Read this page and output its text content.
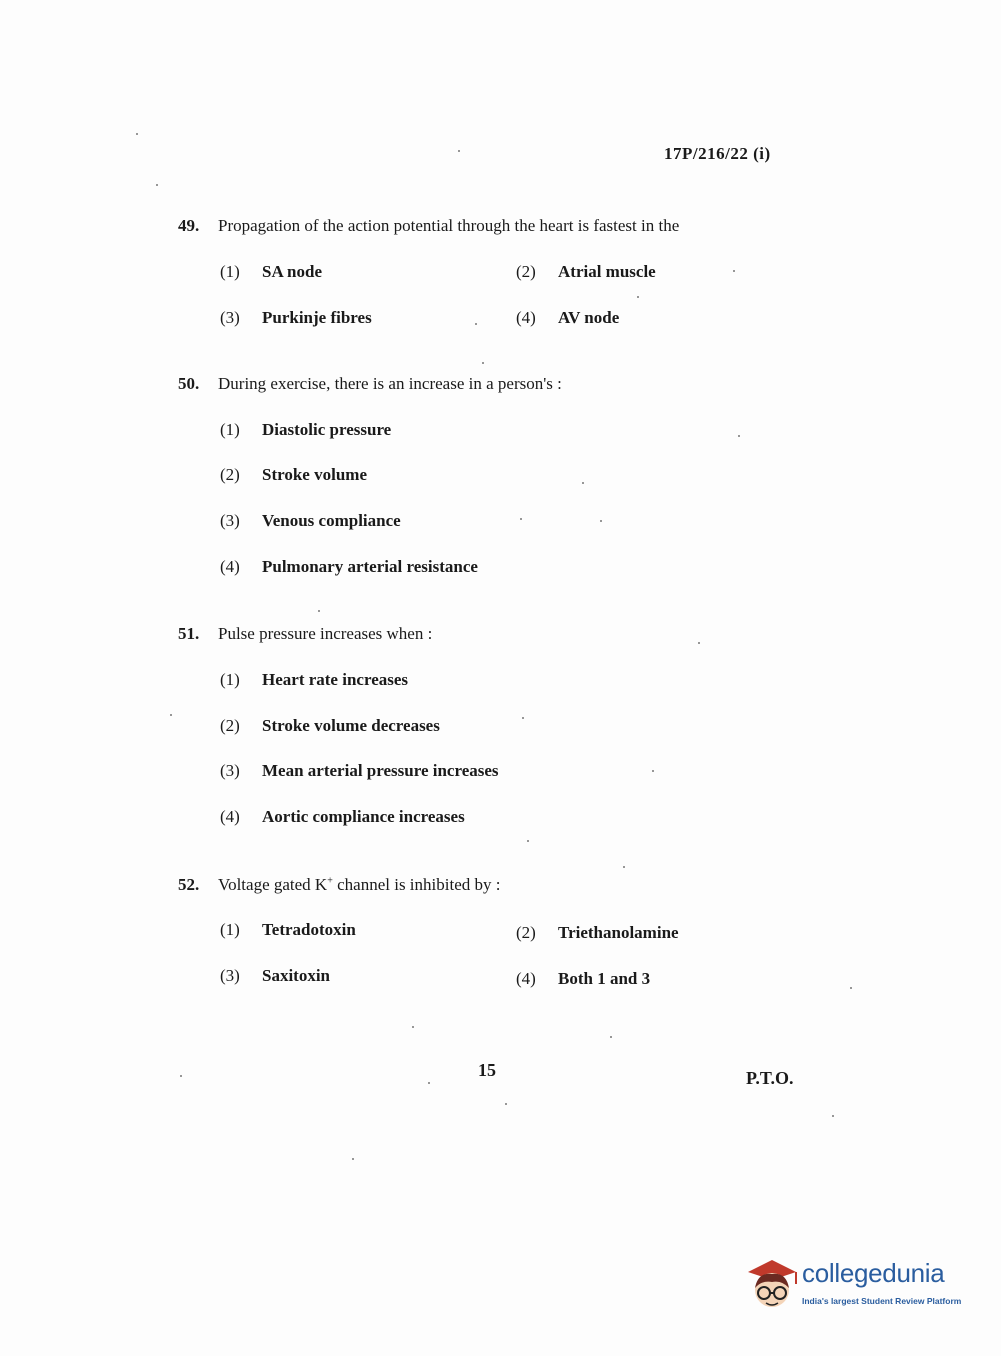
17P/216/22 (i)
49. Propagation of the action potential through the heart is fastest in the
(1) SA node	(2) Atrial muscle
(3) Purkinje fibres	(4) AV node
50. During exercise, there is an increase in a person's :
(1) Diastolic pressure
(2) Stroke volume
(3) Venous compliance
(4) Pulmonary arterial resistance
51. Pulse pressure increases when :
(1) Heart rate increases
(2) Stroke volume decreases
(3) Mean arterial pressure increases
(4) Aortic compliance increases
52. Voltage gated K+ channel is inhibited by :
(1) Tetradotoxin	(2) Triethanolamine
(3) Saxitoxin	(4) Both 1 and 3
15	P.T.O.
collegedunia
India's largest Student Review Platform
